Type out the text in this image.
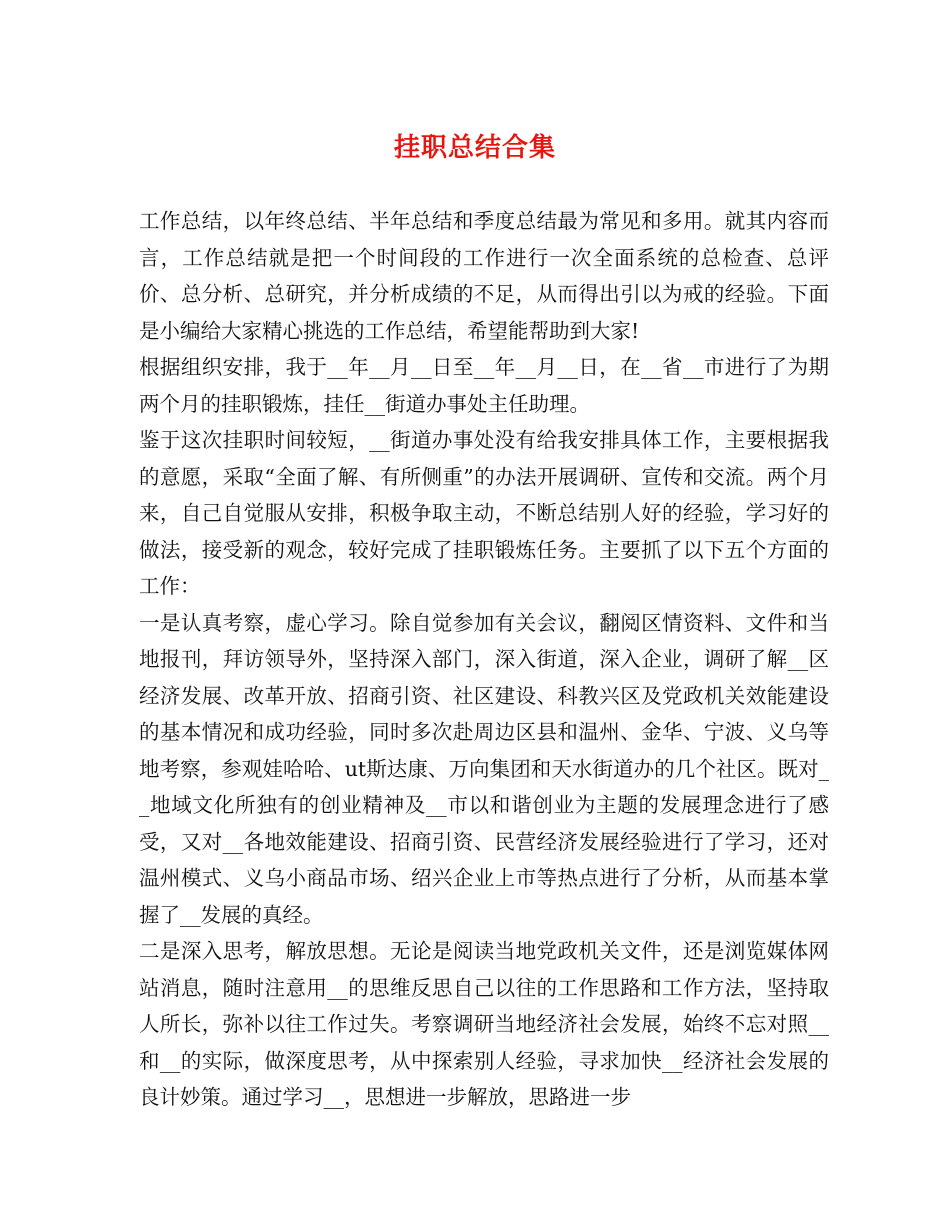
挂职总结合集

工作总结，以年终总结、半年总结和季度总结最为常见和多用。就其内容而言，工作总结就是把一个时间段的工作进行一次全面系统的总检查、总评价、总分析、总研究，并分析成绩的不足，从而得出引以为戒的经验。下面是小编给大家精心挑选的工作总结，希望能帮助到大家!

根据组织安排，我于__年__月__日至__年__月__日，在__省__市进行了为期两个月的挂职锻炼，挂任__街道办事处主任助理。

鉴于这次挂职时间较短，__街道办事处没有给我安排具体工作，主要根据我的意愿，采取“全面了解、有所侧重”的办法开展调研、宣传和交流。两个月来，自己自觉服从安排，积极争取主动，不断总结别人好的经验，学习好的做法，接受新的观念，较好完成了挂职锻炼任务。主要抓了以下五个方面的工作：

一是认真考察，虚心学习。除自觉参加有关会议，翻阅区情资料、文件和当地报刊，拜访领导外，坚持深入部门，深入街道，深入企业，调研了解__区经济发展、改革开放、招商引资、社区建设、科教兴区及党政机关效能建设的基本情况和成功经验，同时多次赴周边区县和温州、金华、宁波、义乌等地考察，参观娃哈哈、ut斯达康、万向集团和天水街道办的几个社区。既对__地域文化所独有的创业精神及__市以和谐创业为主题的发展理念进行了感受，又对__各地效能建设、招商引资、民营经济发展经验进行了学习，还对温州模式、义乌小商品市场、绍兴企业上市等热点进行了分析，从而基本掌握了__发展的真经。

二是深入思考，解放思想。无论是阅读当地党政机关文件，还是浏览媒体网站消息，随时注意用__的思维反思自己以往的工作思路和工作方法，坚持取人所长，弥补以往工作过失。考察调研当地经济社会发展，始终不忘对照__和__的实际，做深度思考，从中探索别人经验，寻求加快__经济社会发展的良计妙策。通过学习__，思想进一步解放，思路进一步
